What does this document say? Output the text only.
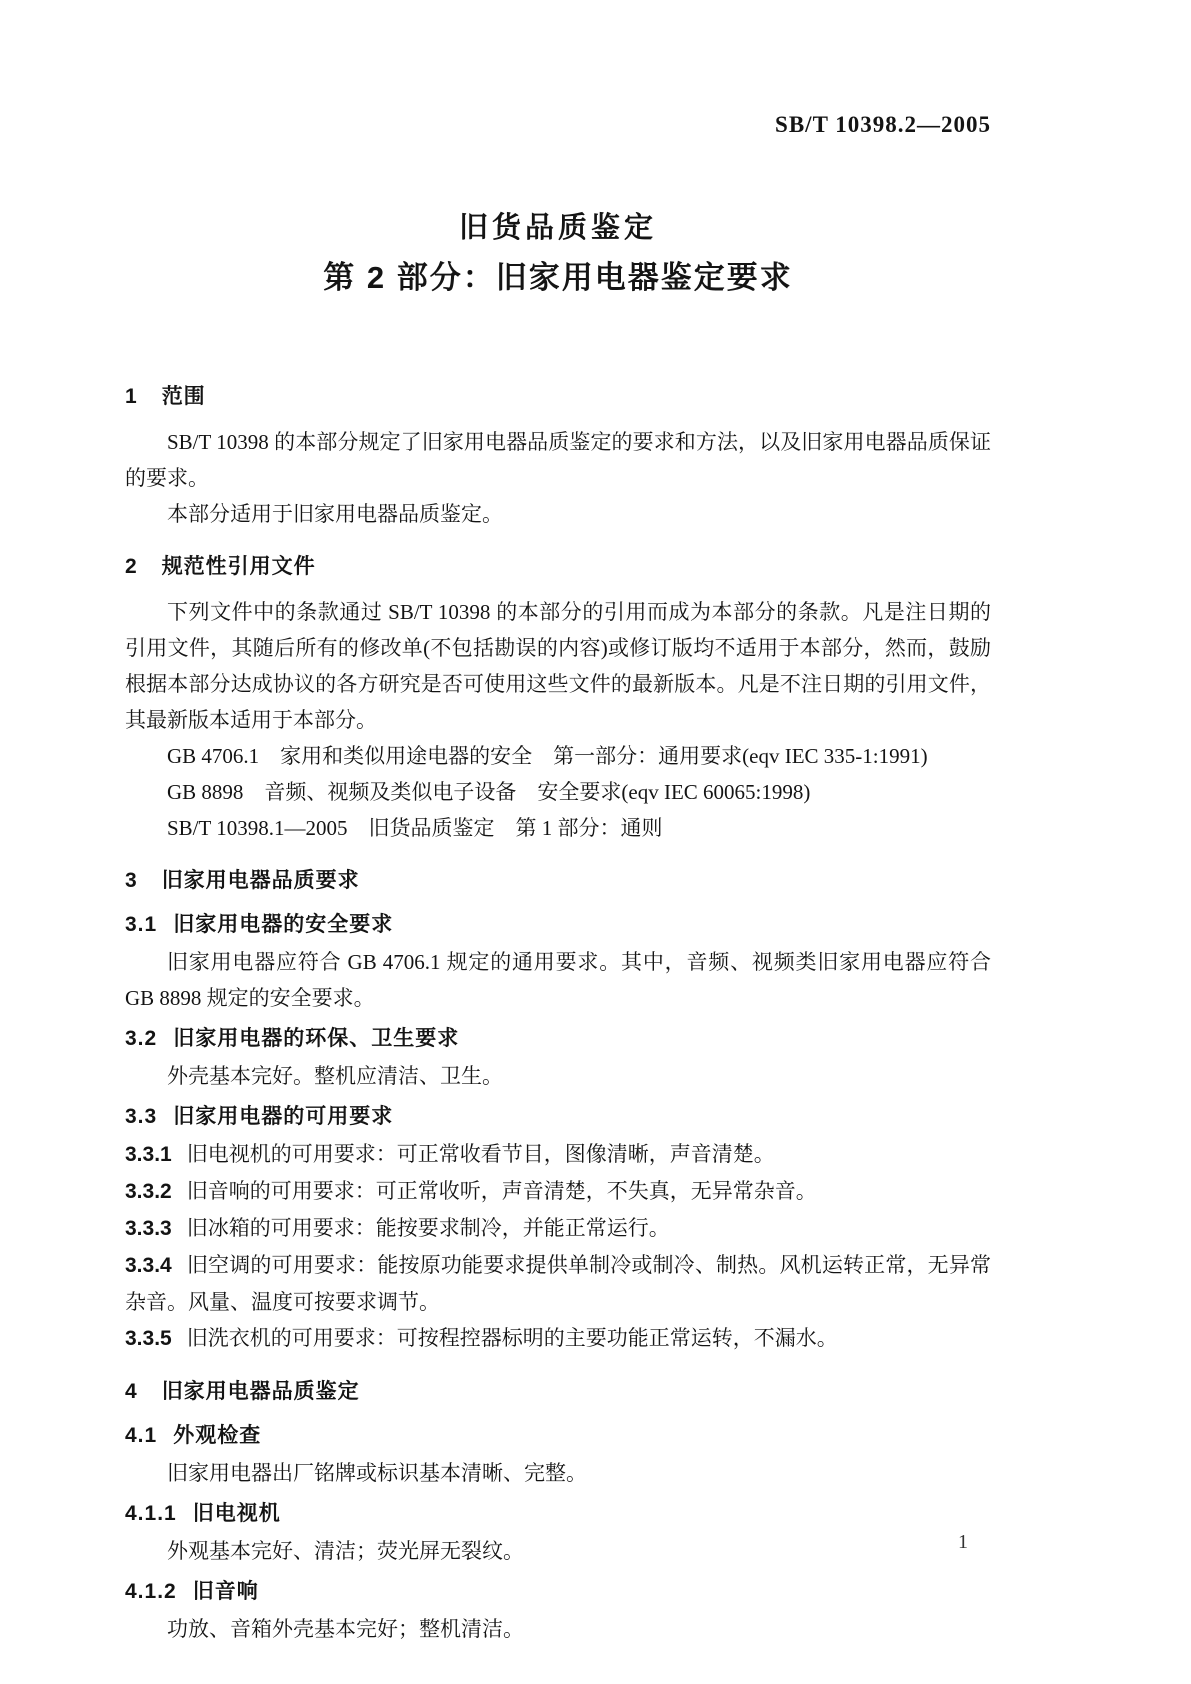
SB/T 10398.2—2005
旧货品质鉴定
第 2 部分：旧家用电器鉴定要求
1 范围

SB/T 10398 的本部分规定了旧家用电器品质鉴定的要求和方法，以及旧家用电器品质保证的要求。

本部分适用于旧家用电器品质鉴定。

2 规范性引用文件

下列文件中的条款通过 SB/T 10398 的本部分的引用而成为本部分的条款。凡是注日期的引用文件，其随后所有的修改单(不包括勘误的内容)或修订版均不适用于本部分，然而，鼓励根据本部分达成协议的各方研究是否可使用这些文件的最新版本。凡是不注日期的引用文件，其最新版本适用于本部分。

GB 4706.1　家用和类似用途电器的安全　第一部分：通用要求(eqv IEC 335-1:1991)

GB 8898　音频、视频及类似电子设备　安全要求(eqv IEC 60065:1998)

SB/T 10398.1—2005　旧货品质鉴定　第 1 部分：通则

3 旧家用电器品质要求
3.1 旧家用电器的安全要求

旧家用电器应符合 GB 4706.1 规定的通用要求。其中，音频、视频类旧家用电器应符合 GB 8898 规定的安全要求。

3.2 旧家用电器的环保、卫生要求

外壳基本完好。整机应清洁、卫生。

3.3 旧家用电器的可用要求

3.3.1 旧电视机的可用要求：可正常收看节目，图像清晰，声音清楚。

3.3.2 旧音响的可用要求：可正常收听，声音清楚，不失真，无异常杂音。

3.3.3 旧冰箱的可用要求：能按要求制冷，并能正常运行。

3.3.4 旧空调的可用要求：能按原功能要求提供单制冷或制冷、制热。风机运转正常，无异常杂音。风量、温度可按要求调节。

3.3.5 旧洗衣机的可用要求：可按程控器标明的主要功能正常运转，不漏水。

4 旧家用电器品质鉴定
4.1 外观检查

旧家用电器出厂铭牌或标识基本清晰、完整。

4.1.1 旧电视机

外观基本完好、清洁；荧光屏无裂纹。

4.1.2 旧音响

功放、音箱外壳基本完好；整机清洁。

1
